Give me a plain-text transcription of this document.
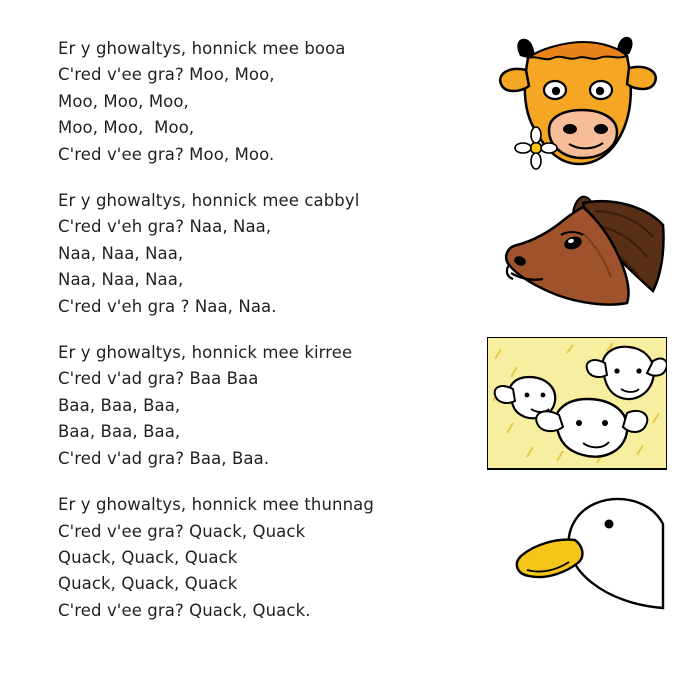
Er y ghowaltys, honnick mee booa
C'red v'ee gra? Moo, Moo,
Moo, Moo, Moo,
Moo, Moo,  Moo,
C'red v'ee gra? Moo, Moo.
Er y ghowaltys, honnick mee cabbyl
C'red v'eh gra? Naa, Naa,
Naa, Naa, Naa,
Naa, Naa, Naa,
C'red v'eh gra ? Naa, Naa.
Er y ghowaltys, honnick mee kirree
C'red v'ad gra? Baa Baa
Baa, Baa, Baa,
Baa, Baa, Baa,
C'red v'ad gra? Baa, Baa.
Er y ghowaltys, honnick mee thunnag
C'red v'ee gra? Quack, Quack
Quack, Quack, Quack
Quack, Quack, Quack
C'red v'ee gra? Quack, Quack.
